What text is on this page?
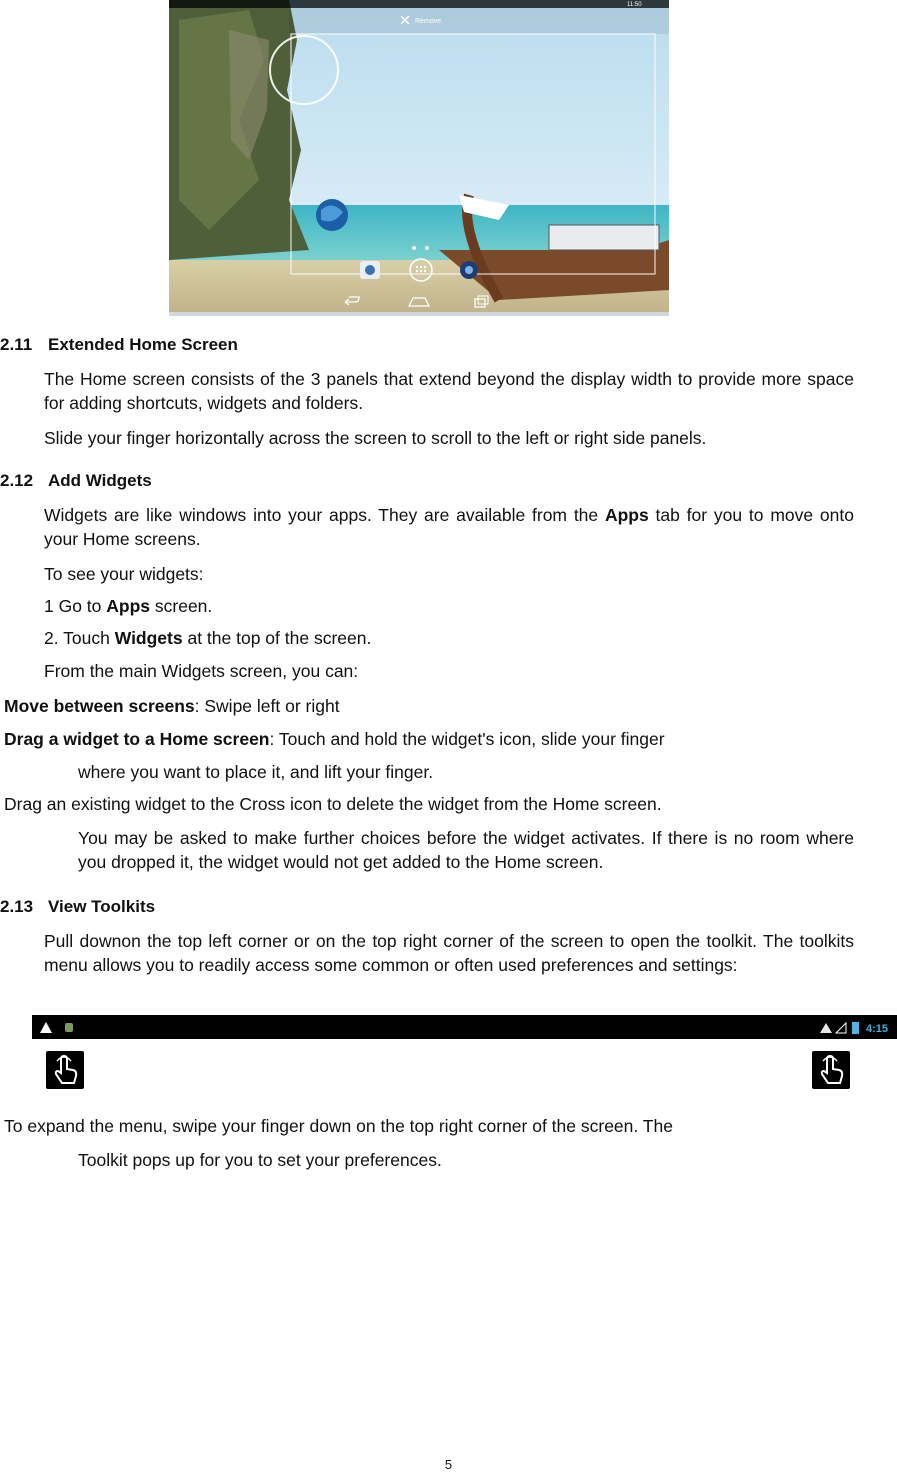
11:50
Remove
2.11 Extended Home Screen
The Home screen consists of the 3 panels that extend beyond the display width to provide more space for adding shortcuts, widgets and folders.
Slide your finger horizontally across the screen to scroll to the left or right side panels.
2.12 Add Widgets
Widgets are like windows into your apps. They are available from the Apps tab for you to move onto your Home screens.
To see your widgets:
1 Go to Apps screen.
2. Touch Widgets at the top of the screen.
From the main Widgets screen, you can:
Move between screens: Swipe left or right
Drag a widget to a Home screen: Touch and hold the widget's icon, slide your finger
where you want to place it, and lift your finger.
Drag an existing widget to the Cross icon to delete the widget from the Home screen.
You may be asked to make further choices before the widget activates. If there is no room where you dropped it, the widget would not get added to the Home screen.
2.13 View Toolkits
Pull downon the top left corner or on the top right corner of the screen to open the toolkit. The toolkits menu allows you to readily access some common or often used preferences and settings:
4:15
To expand the menu, swipe your finger down on the top right corner of the screen. The
Toolkit pops up for you to set your preferences.
5
